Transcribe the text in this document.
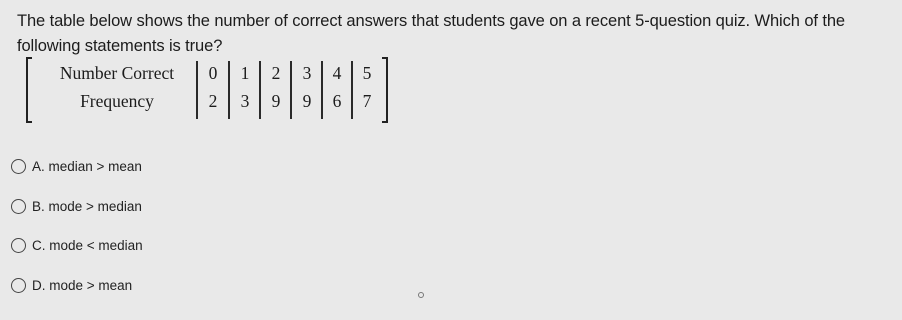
The table below shows the number of correct answers that students gave on a recent 5-question quiz. Which of the following statements is true?
Number Correct
Frequency
0
2
1
3
2
9
3
9
4
6
5
7
A. median > mean
B. mode > median
C. mode < median
D. mode > mean
